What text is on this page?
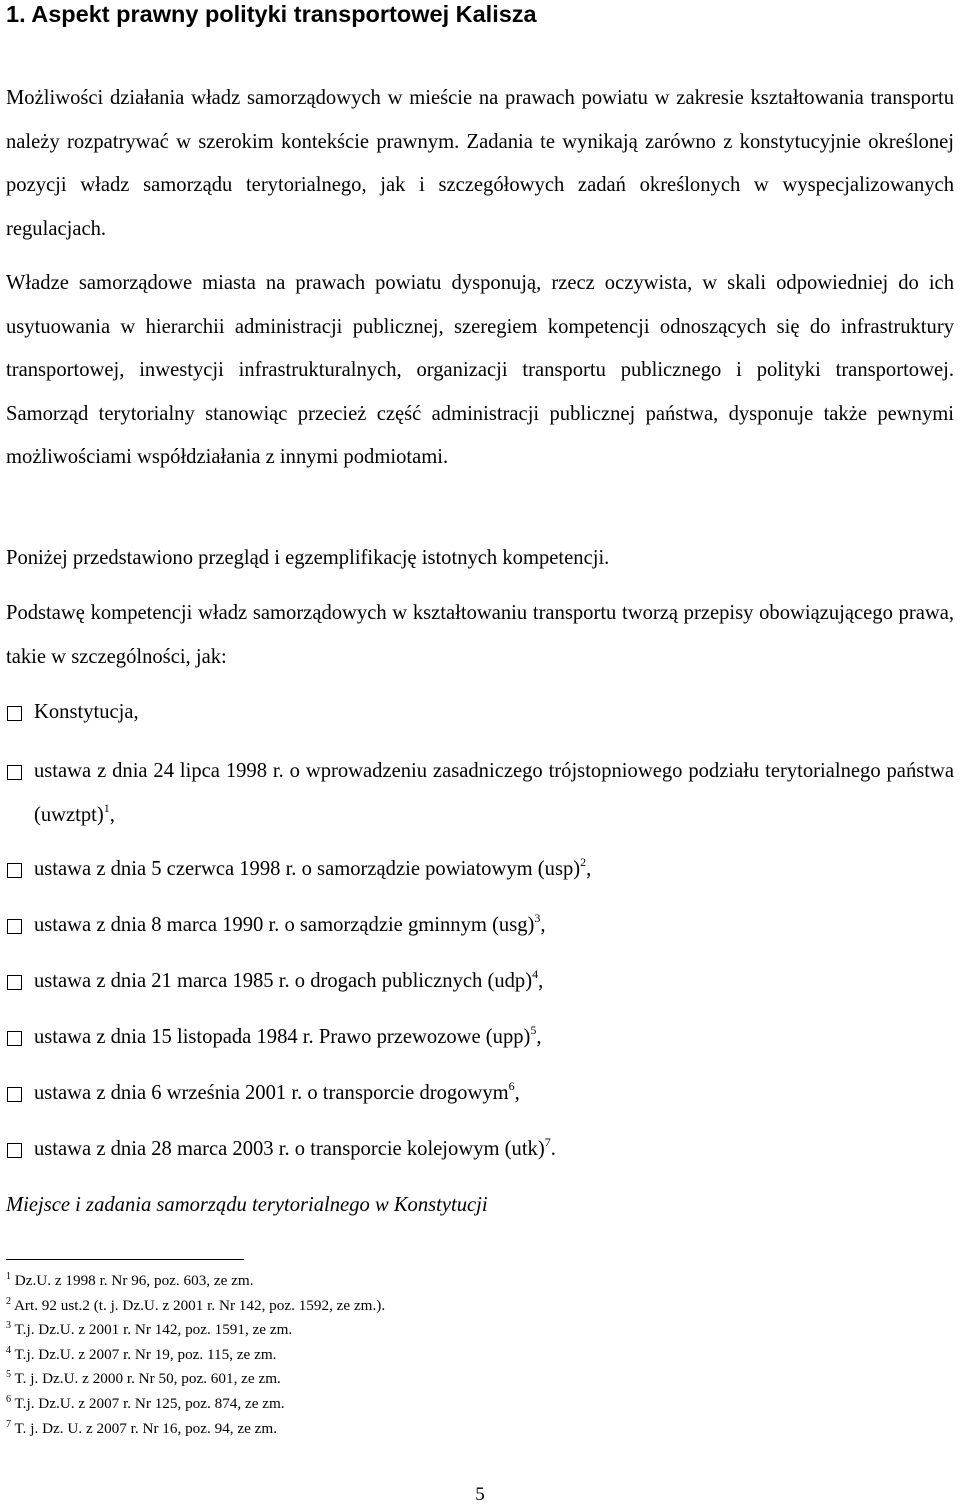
1. Aspekt prawny polityki transportowej Kalisza

Możliwości działania władz samorządowych w mieście na prawach powiatu w zakresie kształtowania transportu należy rozpatrywać w szerokim kontekście prawnym. Zadania te wynikają zarówno z konstytucyjnie określonej pozycji władz samorządu terytorialnego, jak i szczegółowych zadań określonych w wyspecjalizowanych regulacjach.

Władze samorządowe miasta na prawach powiatu dysponują, rzecz oczywista, w skali odpowiedniej do ich usytuowania w hierarchii administracji publicznej, szeregiem kompetencji odnoszących się do infrastruktury transportowej, inwestycji infrastrukturalnych, organizacji transportu publicznego i polityki transportowej. Samorząd terytorialny stanowiąc przecież część administracji publicznej państwa, dysponuje także pewnymi możliwościami współdziałania z innymi podmiotami.

Poniżej przedstawiono przegląd i egzemplifikację istotnych kompetencji.

Podstawę kompetencji władz samorządowych w kształtowaniu transportu tworzą przepisy obowiązującego prawa, takie w szczególności, jak:

Konstytucja,
ustawa z dnia 24 lipca 1998 r. o wprowadzeniu zasadniczego trójstopniowego podziału terytorialnego państwa (uwztpt)$^1$,
ustawa z dnia 5 czerwca 1998 r. o samorządzie powiatowym (usp)$^2$,
ustawa z dnia 8 marca 1990 r. o samorządzie gminnym (usg)$^3$,
ustawa z dnia 21 marca 1985 r. o drogach publicznych (udp)$^4$,
ustawa z dnia 15 listopada 1984 r. Prawo przewozowe (upp)$^5$,
ustawa z dnia 6 września 2001 r. o transporcie drogowym$^6$,
ustawa z dnia 28 marca 2003 r. o transporcie kolejowym (utk)$^7$.

Miejsce i zadania samorządu terytorialnego w Konstytucji

$^1$ Dz.U. z 1998 r. Nr 96, poz. 603, ze zm.
$^2$ Art. 92 ust.2 (t. j. Dz.U. z 2001 r. Nr 142, poz. 1592, ze zm.).
$^3$ T.j. Dz.U. z 2001 r. Nr 142, poz. 1591, ze zm.
$^4$ T.j. Dz.U. z 2007 r. Nr 19, poz. 115, ze zm.
$^5$ T. j. Dz.U. z 2000 r. Nr 50, poz. 601, ze zm.
$^6$ T.j. Dz.U. z 2007 r. Nr 125, poz. 874, ze zm.
$^7$ T. j. Dz. U. z 2007 r. Nr 16, poz. 94, ze zm.
5
